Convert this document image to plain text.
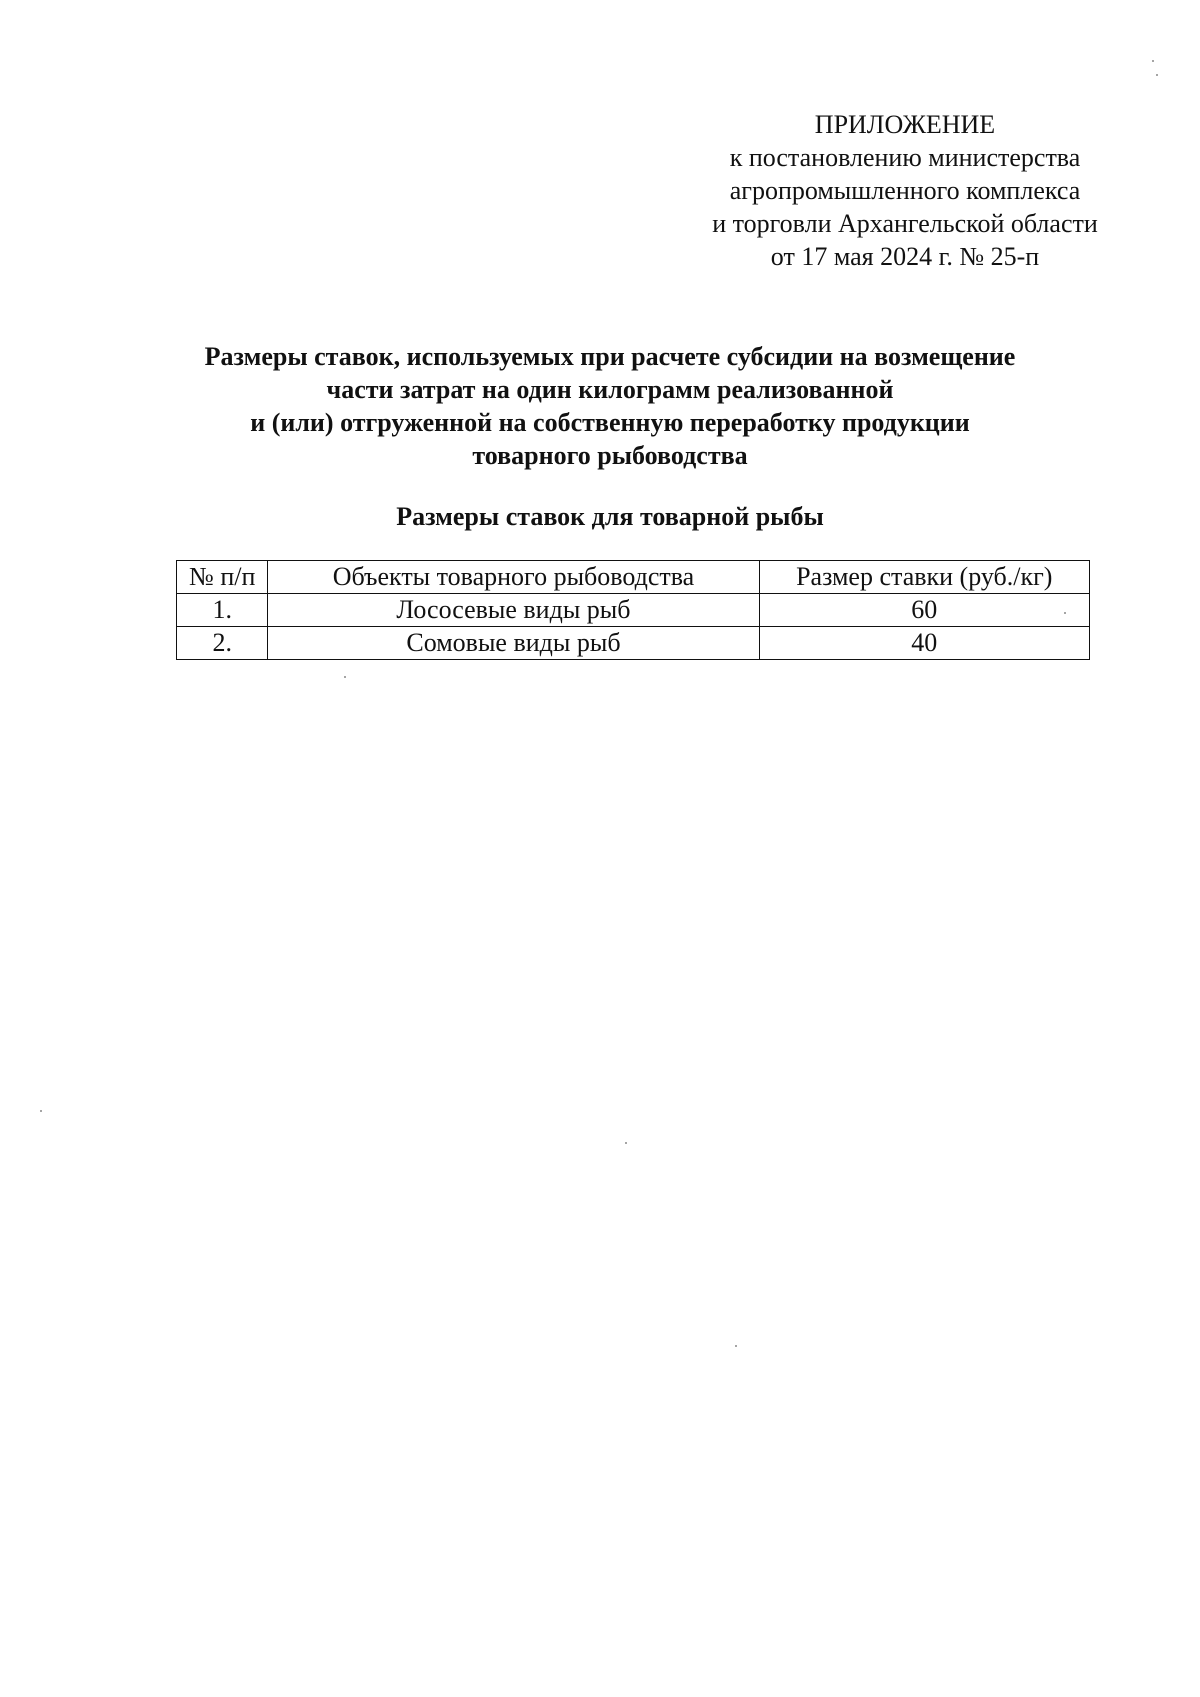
ПРИЛОЖЕНИЕ
к постановлению министерства
агропромышленного комплекса
и торговли Архангельской области
от 17 мая 2024 г. № 25-п
Размеры ставок, используемых при расчете субсидии на возмещение
части затрат на один килограмм реализованной
и (или) отгруженной на собственную переработку продукции
товарного рыбоводства
Размеры ставок для товарной рыбы
№ п/п	Объекты товарного рыбоводства	Размер ставки (руб./кг)
1.	Лососевые виды рыб	60
2.	Сомовые виды рыб	40
